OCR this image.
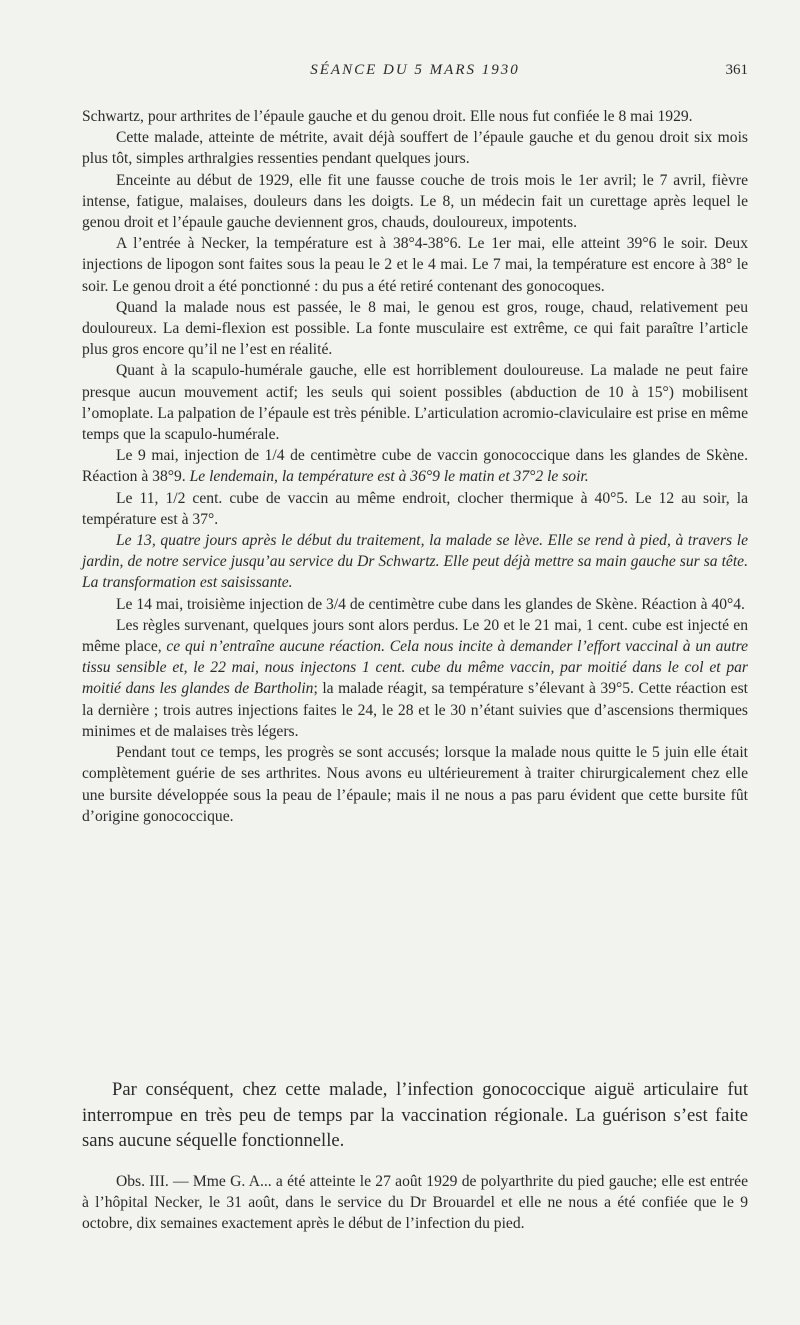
SÉANCE DU 5 MARS 1930	361

Schwartz, pour arthrites de l’épaule gauche et du genou droit. Elle nous fut confiée le 8 mai 1929.

Cette malade, atteinte de métrite, avait déjà souffert de l’épaule gauche et du genou droit six mois plus tôt, simples arthralgies ressenties pendant quelques jours.

Enceinte au début de 1929, elle fit une fausse couche de trois mois le 1er avril; le 7 avril, fièvre intense, fatigue, malaises, douleurs dans les doigts. Le 8, un médecin fait un curettage après lequel le genou droit et l’épaule gauche deviennent gros, chauds, douloureux, impotents.

A l’entrée à Necker, la température est à 38°4-38°6. Le 1er mai, elle atteint 39°6 le soir. Deux injections de lipogon sont faites sous la peau le 2 et le 4 mai. Le 7 mai, la température est encore à 38° le soir. Le genou droit a été ponctionné : du pus a été retiré contenant des gonocoques.

Quand la malade nous est passée, le 8 mai, le genou est gros, rouge, chaud, relativement peu douloureux. La demi-flexion est possible. La fonte musculaire est extrême, ce qui fait paraître l’article plus gros encore qu’il ne l’est en réalité.

Quant à la scapulo-humérale gauche, elle est horriblement douloureuse. La malade ne peut faire presque aucun mouvement actif; les seuls qui soient possibles (abduction de 10 à 15°) mobilisent l’omoplate. La palpation de l’épaule est très pénible. L’articulation acromio-claviculaire est prise en même temps que la scapulo-humérale.

Le 9 mai, injection de 1/4 de centimètre cube de vaccin gonococcique dans les glandes de Skène. Réaction à 38°9. Le lendemain, la température est à 36°9 le matin et 37°2 le soir.

Le 11, 1/2 cent. cube de vaccin au même endroit, clocher thermique à 40°5. Le 12 au soir, la température est à 37°.

Le 13, quatre jours après le début du traitement, la malade se lève. Elle se rend à pied, à travers le jardin, de notre service jusqu’au service du Dr Schwartz. Elle peut déjà mettre sa main gauche sur sa tête. La transformation est saisissante.

Le 14 mai, troisième injection de 3/4 de centimètre cube dans les glandes de Skène. Réaction à 40°4.

Les règles survenant, quelques jours sont alors perdus. Le 20 et le 21 mai, 1 cent. cube est injecté en même place, ce qui n’entraîne aucune réaction. Cela nous incite à demander l’effort vaccinal à un autre tissu sensible et, le 22 mai, nous injectons 1 cent. cube du même vaccin, par moitié dans le col et par moitié dans les glandes de Bartholin; la malade réagit, sa température s’élevant à 39°5. Cette réaction est la dernière ; trois autres injections faites le 24, le 28 et le 30 n’étant suivies que d’ascensions thermiques minimes et de malaises très légers.

Pendant tout ce temps, les progrès se sont accusés; lorsque la malade nous quitte le 5 juin elle était complètement guérie de ses arthrites. Nous avons eu ultérieurement à traiter chirurgicalement chez elle une bursite développée sous la peau de l’épaule; mais il ne nous a pas paru évident que cette bursite fût d’origine gonococcique.

Par conséquent, chez cette malade, l’infection gonococcique aiguë articulaire fut interrompue en très peu de temps par la vaccination régionale. La guérison s’est faite sans aucune séquelle fonctionnelle.

Obs. III. — Mme G. A... a été atteinte le 27 août 1929 de polyarthrite du pied gauche; elle est entrée à l’hôpital Necker, le 31 août, dans le service du Dr Brouardel et elle ne nous a été confiée que le 9 octobre, dix semaines exactement après le début de l’infection du pied.
